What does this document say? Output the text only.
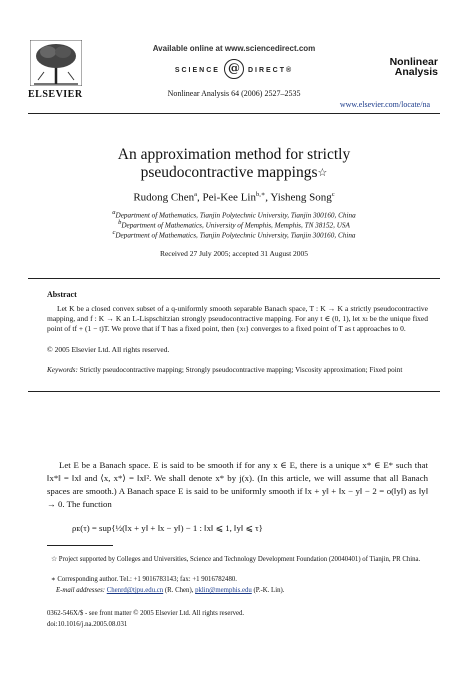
Available online at www.sciencedirect.com
SCIENCE @ DIRECT®
ELSEVIER
Nonlinear
Analysis
Nonlinear Analysis 64 (2006) 2527–2535
www.elsevier.com/locate/na
An approximation method for strictly
pseudocontractive mappings☆
Rudong Chen$^a$, Pei-Kee Lin$^{b,∗}$, Yisheng Song$^c$
aDepartment of Mathematics, Tianjin Polytechnic University, Tianjin 300160, China
bDepartment of Mathematics, University of Memphis, Memphis, TN 38152, USA
cDepartment of Mathematics, Tianjin Polytechnic University, Tianjin 300160, China
Received 27 July 2005; accepted 31 August 2005
Abstract
Let K be a closed convex subset of a q-uniformly smooth separable Banach space, T : K → K a strictly pseudocontractive mapping, and f : K → K an L-Lispschitzian strongly pseudocontractive mapping. For any t ∈ (0, 1), let xₜ be the unique fixed point of tf + (1 − t)T. We prove that if T has a fixed point, then {xₜ} converges to a fixed point of T as t approaches to 0.
© 2005 Elsevier Ltd. All rights reserved.
Keywords: Strictly pseudocontractive mapping; Strongly pseudocontractive mapping; Viscosity approximation; Fixed point
Let E be a Banach space. E is said to be smooth if for any x ∈ E, there is a unique x* ∈ E* such that ‖x*‖ = ‖x‖ and ⟨x, x*⟩ = ‖x‖². We shall denote x* by j(x). (In this article, we will assume that all Banach spaces are smooth.) A Banach space E is said to be uniformly smooth if ‖x + y‖ + ‖x − y‖ − 2 = o(‖y‖) as ‖y‖ → 0. The function
ρᴇ(τ) = sup{½(‖x + y‖ + ‖x − y‖) − 1 : ‖x‖ ⩽ 1, ‖y‖ ⩽ τ}
☆ Project supported by Colleges and Universities, Science and Technology Development Foundation (20040401) of Tianjin, PR China.
∗ Corresponding author. Tel.: +1 9016783143; fax: +1 9016782480.
E-mail addresses: Chenrd@tjpu.edu.cn (R. Chen), pklin@memphis.edu (P.-K. Lin).
0362-546X/$ - see front matter © 2005 Elsevier Ltd. All rights reserved.
doi:10.1016/j.na.2005.08.031
